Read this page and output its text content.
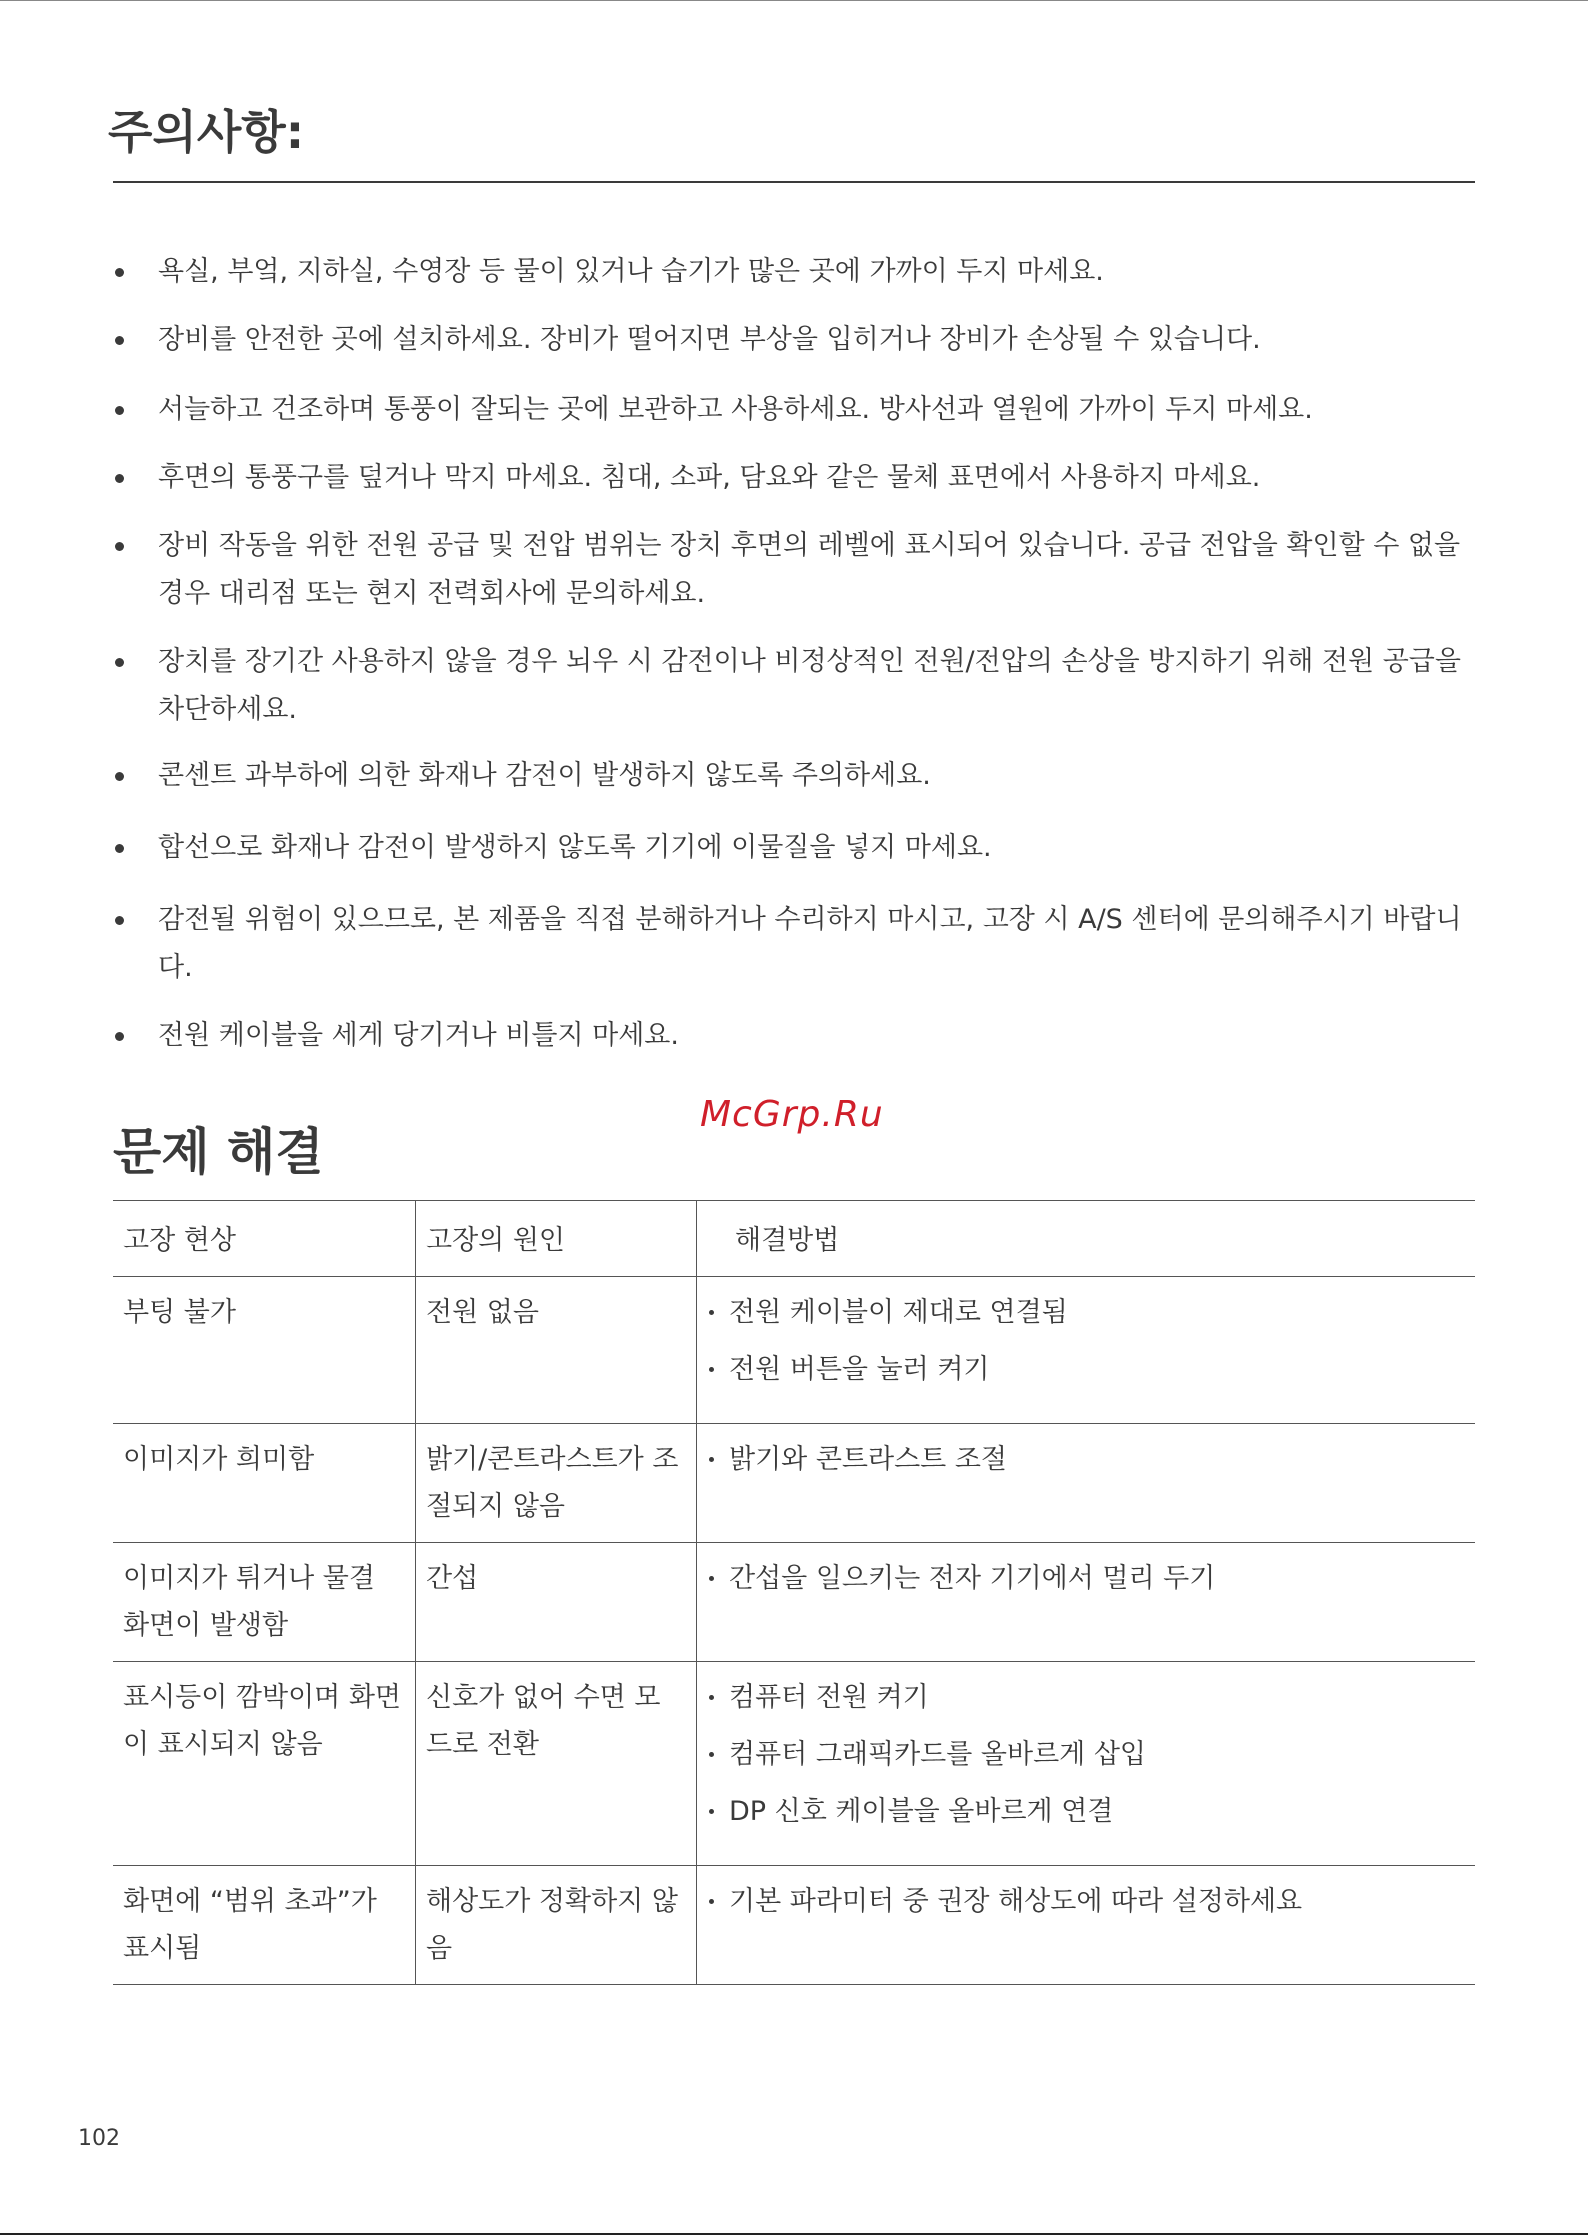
주의사항:
욕실, 부엌, 지하실, 수영장 등 물이 있거나 습기가 많은 곳에 가까이 두지 마세요.
장비를 안전한 곳에 설치하세요. 장비가 떨어지면 부상을 입히거나 장비가 손상될 수 있습니다.
서늘하고 건조하며 통풍이 잘되는 곳에 보관하고 사용하세요. 방사선과 열원에 가까이 두지 마세요.
후면의 통풍구를 덮거나 막지 마세요. 침대, 소파, 담요와 같은 물체 표면에서 사용하지 마세요.
장비 작동을 위한 전원 공급 및 전압 범위는 장치 후면의 레벨에 표시되어 있습니다. 공급 전압을 확인할 수 없을 경우 대리점 또는 현지 전력회사에 문의하세요.
장치를 장기간 사용하지 않을 경우 뇌우 시 감전이나 비정상적인 전원/전압의 손상을 방지하기 위해 전원 공급을 차단하세요.
콘센트 과부하에 의한 화재나 감전이 발생하지 않도록 주의하세요.
합선으로 화재나 감전이 발생하지 않도록 기기에 이물질을 넣지 마세요.
감전될 위험이 있으므로, 본 제품을 직접 분해하거나 수리하지 마시고, 고장 시 A/S 센터에 문의해주시기 바랍니다.
전원 케이블을 세게 당기거나 비틀지 마세요.
문제 해결
McGrp.Ru
고장 현상	고장의 원인	해결방법
부팅 불가	전원 없음	전원 케이블이 제대로 연결됨
전원 버튼을 눌러 켜기

이미지가 희미함	밝기/콘트라스트가 조절되지 않음	밝기와 콘트라스트 조절

이미지가 튀거나 물결 화면이 발생함	간섭	간섭을 일으키는 전자 기기에서 멀리 두기

표시등이 깜박이며 화면이 표시되지 않음	신호가 없어 수면 모드로 전환	컴퓨터 전원 켜기
컴퓨터 그래픽카드를 올바르게 삽입
DP 신호 케이블을 올바르게 연결

화면에 “범위 초과”가 표시됨	해상도가 정확하지 않음	기본 파라미터 중 권장 해상도에 따라 설정하세요
102
